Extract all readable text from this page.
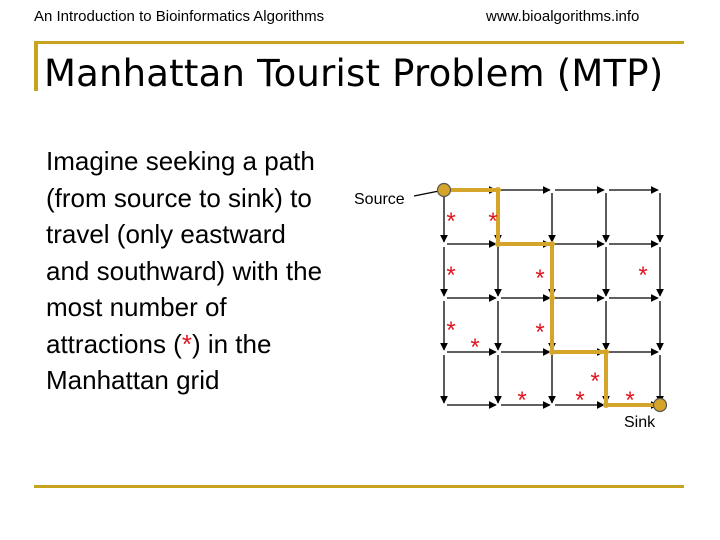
An Introduction to Bioinformatics Algorithms	www.bioalgorithms.info
Manhattan Tourist Problem (MTP)
Imagine seeking a path (from source to sink) to travel (only eastward and southward) with the most number of attractions (*) in the Manhattan grid
* *
*	*	*
*
*
*
*
* * *
Source
Sink
